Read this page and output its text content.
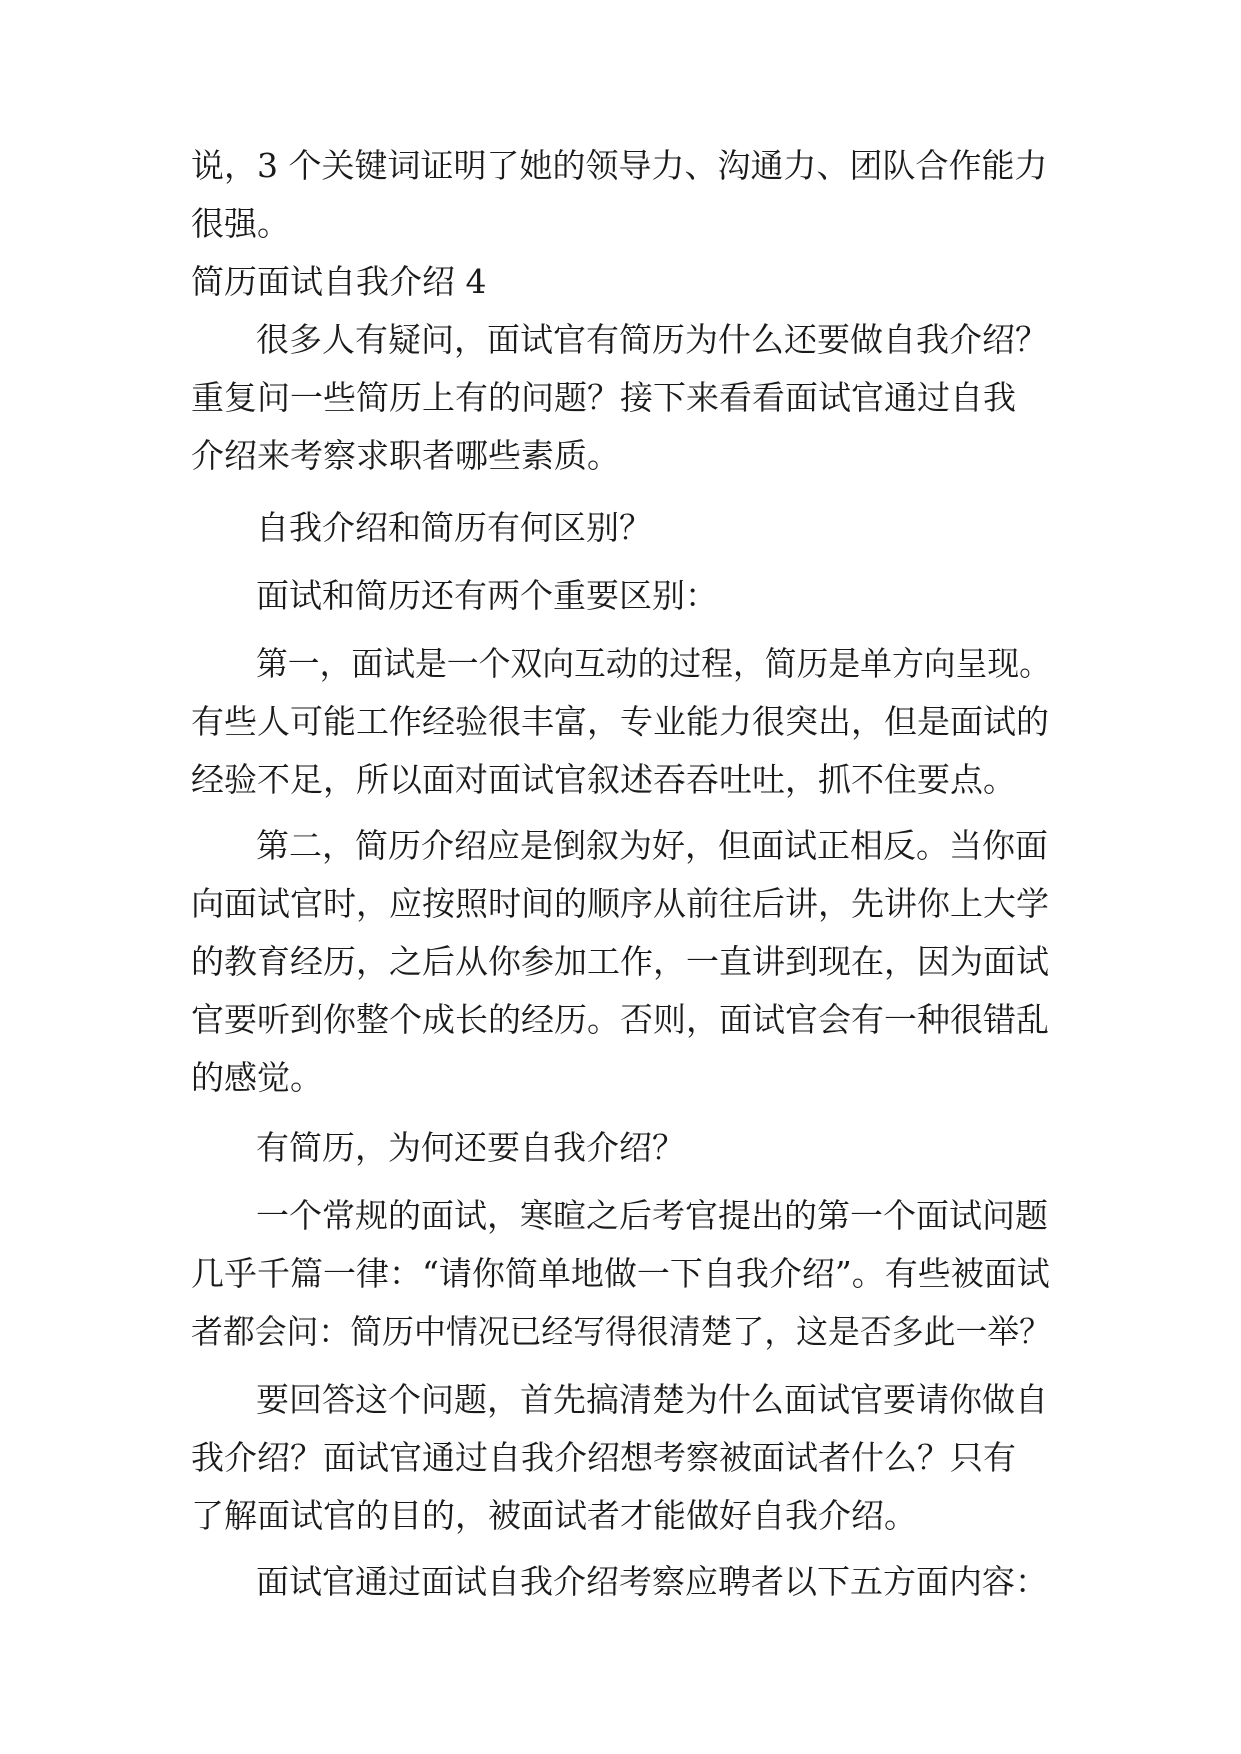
说，3 个关键词证明了她的领导力、沟通力、团队合作能力
很强。
简历面试自我介绍 4
很多人有疑问，面试官有简历为什么还要做自我介绍？
重复问一些简历上有的问题？接下来看看面试官通过自我
介绍来考察求职者哪些素质。
自我介绍和简历有何区别？
面试和简历还有两个重要区别：
第一，面试是一个双向互动的过程，简历是单方向呈现。
有些人可能工作经验很丰富，专业能力很突出，但是面试的
经验不足，所以面对面试官叙述吞吞吐吐，抓不住要点。
第二，简历介绍应是倒叙为好，但面试正相反。当你面
向面试官时，应按照时间的顺序从前往后讲，先讲你上大学
的教育经历，之后从你参加工作，一直讲到现在，因为面试
官要听到你整个成长的经历。否则，面试官会有一种很错乱
的感觉。
有简历，为何还要自我介绍？
一个常规的面试，寒暄之后考官提出的第一个面试问题
几乎千篇一律：“请你简单地做一下自我介绍”。有些被面试
者都会问：简历中情况已经写得很清楚了，这是否多此一举？
要回答这个问题，首先搞清楚为什么面试官要请你做自
我介绍？面试官通过自我介绍想考察被面试者什么？只有
了解面试官的目的，被面试者才能做好自我介绍。
面试官通过面试自我介绍考察应聘者以下五方面内容：
